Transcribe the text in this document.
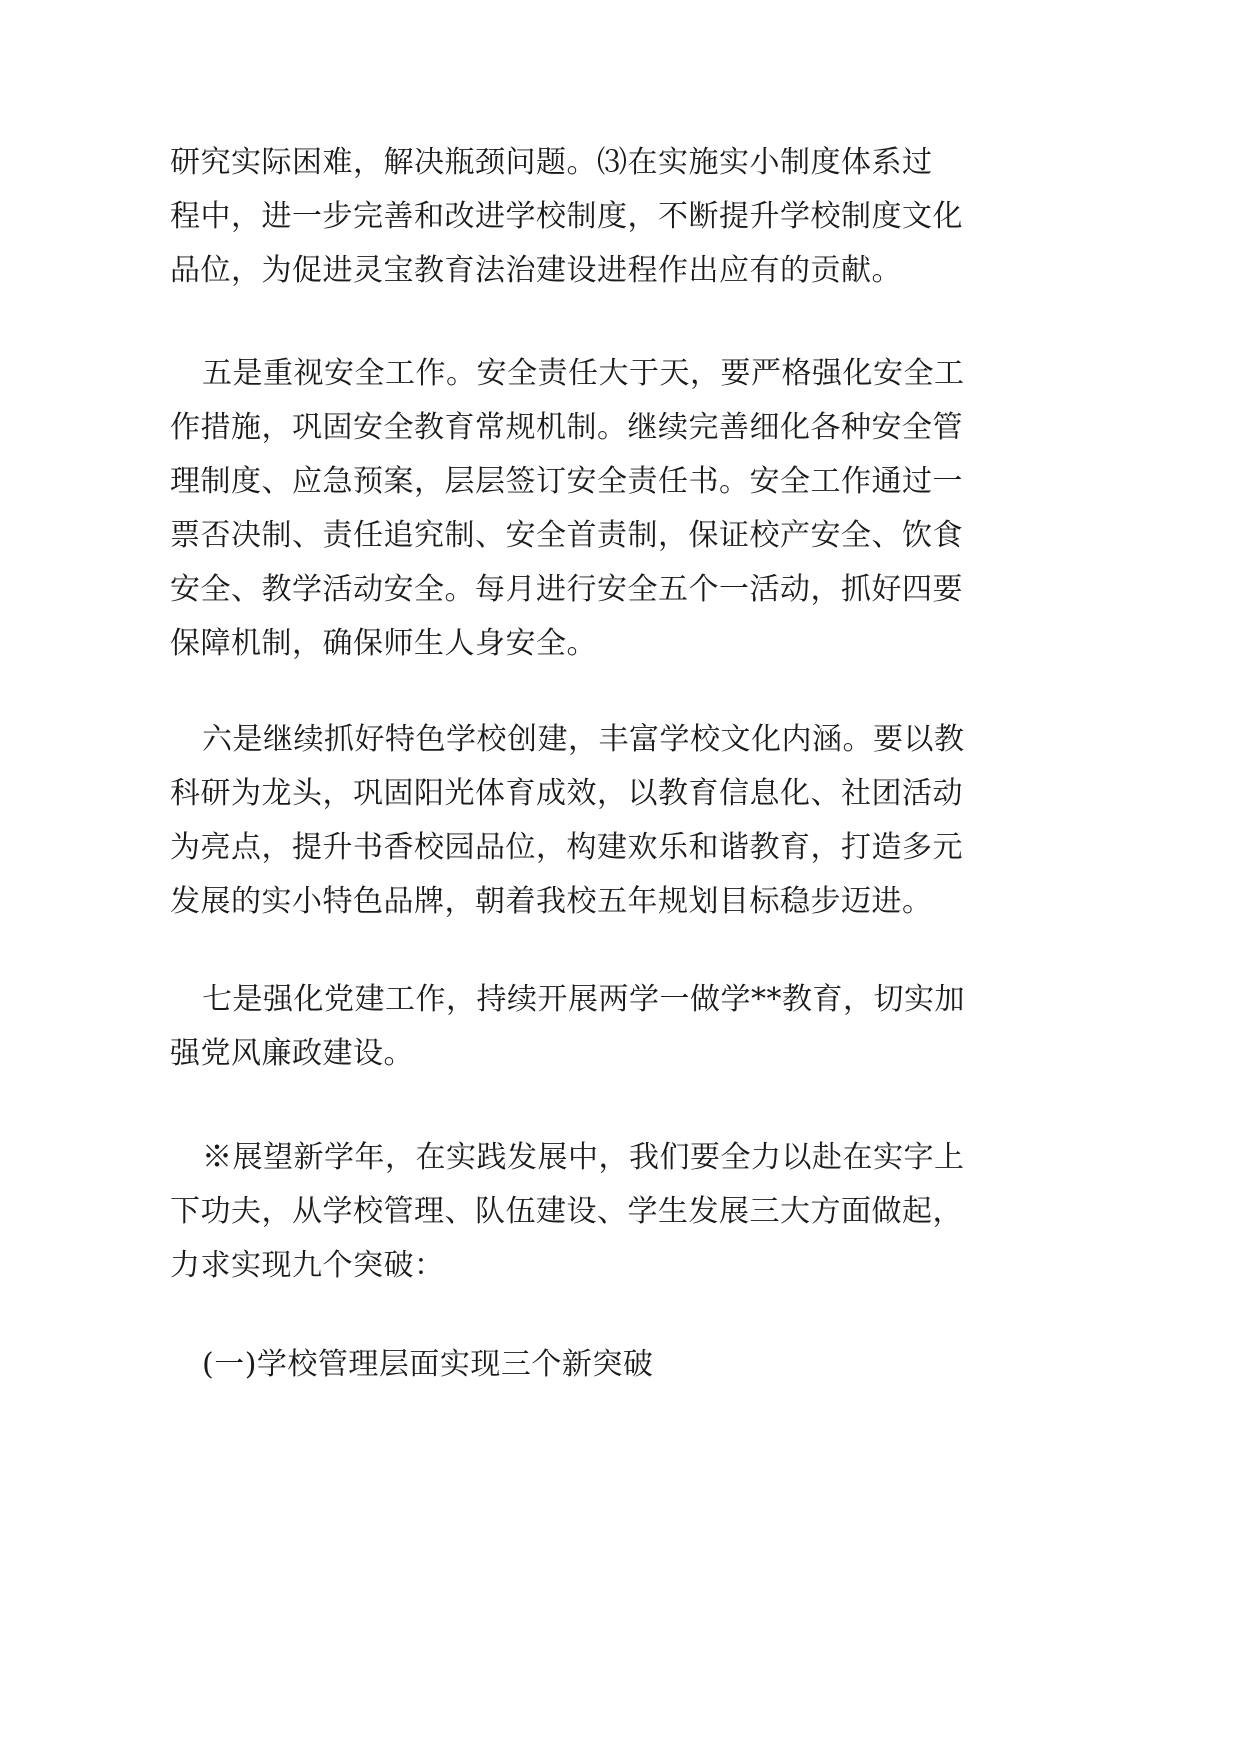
研究实际困难，解决瓶颈问题。⑶在实施实小制度体系过
程中，进一步完善和改进学校制度，不断提升学校制度文化
品位，为促进灵宝教育法治建设进程作出应有的贡献。
五是重视安全工作。安全责任大于天，要严格强化安全工
作措施，巩固安全教育常规机制。继续完善细化各种安全管
理制度、应急预案，层层签订安全责任书。安全工作通过一
票否决制、责任追究制、安全首责制，保证校产安全、饮食
安全、教学活动安全。每月进行安全五个一活动，抓好四要
保障机制，确保师生人身安全。
六是继续抓好特色学校创建，丰富学校文化内涵。要以教
科研为龙头，巩固阳光体育成效，以教育信息化、社团活动
为亮点，提升书香校园品位，构建欢乐和谐教育，打造多元
发展的实小特色品牌，朝着我校五年规划目标稳步迈进。
七是强化党建工作，持续开展两学一做学**教育，切实加
强党风廉政建设。
※展望新学年，在实践发展中，我们要全力以赴在实字上
下功夫，从学校管理、队伍建设、学生发展三大方面做起，
力求实现九个突破：
(一)学校管理层面实现三个新突破
